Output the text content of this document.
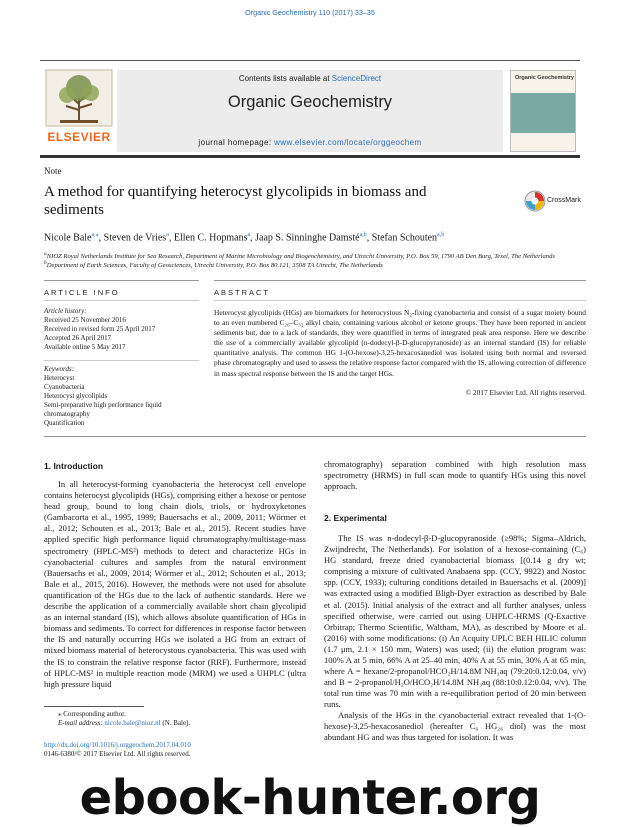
Organic Geochemistry 110 (2017) 33–35
ELSEVIER
Contents lists available at ScienceDirect
Organic Geochemistry
journal homepage: www.elsevier.com/locate/orggeochem
Organic Geochemistry
Note
A method for quantifying heterocyst glycolipids in biomass and sediments
CrossMark
Nicole Bale$^{a,⁎}$, Steven de Vries$^a$, Ellen C. Hopmans$^a$, Jaap S. Sinninghe Damsté$^{a,b}$, Stefan Schouten$^{a,b}$
$^a$NIOZ Royal Netherlands Institute for Sea Research, Department of Marine Microbiology and Biogeochemistry, and Utrecht University, P.O. Box 59, 1790 AB Den Burg, Texel, The Netherlands
$^b$Department of Earth Sciences, Faculty of Geosciences, Utrecht University, P.O. Box 80.121, 3508 TA Utrecht, The Netherlands
ARTICLE INFO	ABSTRACT
Article history:
Received 25 November 2016
Received in revised form 25 April 2017
Accepted 26 April 2017
Available online 5 May 2017
Keywords:
Heterocyst
Cyanobacteria
Heterocyst glycolipids
Semi-preparative high performance liquid chromatography
Quantification
Heterocyst glycolipids (HGs) are biomarkers for heterocystous N₂-fixing cyanobacteria and consist of a sugar moiety bound to an even numbered C₂₆–C₃₂ alkyl chain, containing various alcohol or ketone groups. They have been reported in ancient sediments but, due to a lack of standards, they were quantified in terms of integrated peak area response. Here we describe the use of a commercially available glycolipid (n-dodecyl-β-D-glucopyranoside) as an internal standard (IS) for reliable quantitative analysis. The common HG 1-(O-hexose)-3,25-hexacosanediol was isolated using both normal and reversed phase chromatography and used to assess the relative response factor compared with the IS, allowing correction of difference in mass spectral response between the IS and the target HGs.
© 2017 Elsevier Ltd. All rights reserved.
1. Introduction
In all heterocyst-forming cyanobacteria the heterocyst cell envelope contains heterocyst glycolipids (HGs), comprising either a hexose or pentose head group, bound to long chain diols, triols, or hydroxyketones (Gambacorta et al., 1995, 1999; Bauersachs et al., 2009, 2011; Wörmer et al., 2012; Schouten et al., 2013; Bale et al., 2015). Recent studies have applied specific high performance liquid chromatography/multistage-mass spectrometry (HPLC-MS²) methods to detect and characterize HGs in cyanobacterial cultures and samples from the natural environment (Bauersachs et al., 2009, 2014; Wörmer et al., 2012; Schouten et al., 2013; Bale et al., 2015, 2016). However, the methods were not used for absolute quantification of the HGs due to the lack of authentic standards. Here we describe the application of a commercially available short chain glycolipid as an internal standard (IS), which allows absolute quantification of HGs in biomass and sediments. To correct for differences in response factor between the IS and naturally occurring HGs we isolated a HG from an extract of mixed biomass material of heterocystous cyanobacteria. This was used with the IS to constrain the relative response factor (RRF). Furthermore, instead of HPLC-MS² in multiple reaction mode (MRM) we used a UHPLC (ultra high pressure liquid
chromatography) separation combined with high resolution mass spectrometry (HRMS) in full scan mode to quantify HGs using this novel approach.
2. Experimental
The IS was n-dodecyl-β-D-glucopyranoside (≥98%; Sigma–Aldrich, Zwijndrecht, The Netherlands). For isolation of a hexose-containing (C₆) HG standard, freeze dried cyanobacterial biomass [(0.14 g dry wt; comprising a mixture of cultivated Anabaena spp. (CCY, 9922) and Nostoc spp. (CCY, 1933); culturing conditions detailed in Bauersachs et al. (2009)] was extracted using a modified Bligh-Dyer extraction as described by Bale et al. (2015). Initial analysis of the extract and all further analyses, unless specified otherwise, were carried out using UHPLC-HRMS (Q-Exactive Orbitrap; Thermo Scientific, Waltham, MA), as described by Moore et al. (2016) with some modifications: (i) An Acquity UPLC BEH HILIC column (1.7 μm, 2.1 × 150 mm, Waters) was used; (ii) the elution program was: 100% A at 5 min, 66% A at 25–40 min, 40% A at 55 min, 30% A at 65 min, where A = hexane/2-propanol/HCO₂H/14.8M NH₃aq (79:20:0.12:0.04, v/v) and B = 2-propanol/H₂O/HCO₂H/14.8M NH₃aq (88:10:0.12:0.04, v/v). The total run time was 70 min with a re-equilibration period of 20 min between runs.
Analysis of the HGs in the cyanobacterial extract revealed that 1-(O-hexose)-3,25-hexacosanediol (hereafter C₆ HG₂₆ diol) was the most abundant HG and was thus targeted for isolation. It was
⁎ Corresponding author.
E-mail address: nicole.bale@nioz.nl (N. Bale).
http://dx.doi.org/10.1016/j.orggeochem.2017.04.010
0146-6380/© 2017 Elsevier Ltd. All rights reserved.
ebook-hunter.org
